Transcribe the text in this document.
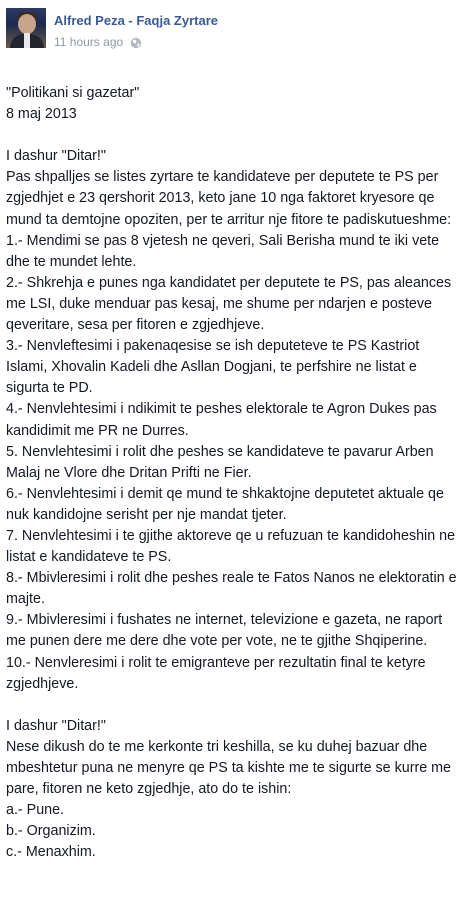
Alfred Peza - Faqja Zyrtare
11 hours ago
"Politikani si gazetar"
8 maj 2013
I dashur "Ditar!"
Pas shpalljes se listes zyrtare te kandidateve per deputete te PS per zgjedhjet e 23 qershorit 2013, keto jane 10 nga faktoret kryesore qe mund ta demtojne opoziten, per te arritur nje fitore te padiskutueshme:
1.- Mendimi se pas 8 vjetesh ne qeveri, Sali Berisha mund te iki vete dhe te mundet lehte.
2.- Shkrehja e punes nga kandidatet per deputete te PS, pas aleances me LSI, duke menduar pas kesaj, me shume per ndarjen e posteve qeveritare, sesa per fitoren e zgjedhjeve.
3.- Nenvleftesimi i pakenaqesise se ish deputeteve te PS Kastriot Islami, Xhovalin Kadeli dhe Asllan Dogjani, te perfshire ne listat e sigurta te PD.
4.- Nenvlehtesimi i ndikimit te peshes elektorale te Agron Dukes pas kandidimit me PR ne Durres.
5. Nenvlehtesimi i rolit dhe peshes se kandidateve te pavarur Arben Malaj ne Vlore dhe Dritan Prifti ne Fier.
6.- Nenvlehtesimi i demit qe mund te shkaktojne deputetet aktuale qe nuk kandidojne serisht per nje mandat tjeter.
7. Nenvlehtesimi i te gjithe aktoreve qe u refuzuan te kandidoheshin ne listat e kandidateve te PS.
8.- Mbivleresimi i rolit dhe peshes reale te Fatos Nanos ne elektoratin e majte.
9.- Mbivleresimi i fushates ne internet, televizione e gazeta, ne raport me punen dere me dere dhe vote per vote, ne te gjithe Shqiperine.
10.- Nenvleresimi i rolit te emigranteve per rezultatin final te ketyre zgjedhjeve.
I dashur "Ditar!"
Nese dikush do te me kerkonte tri keshilla, se ku duhej bazuar dhe mbeshtetur puna ne menyre qe PS ta kishte me te sigurte se kurre me pare, fitoren ne keto zgjedhje, ato do te ishin:
a.- Pune.
b.- Organizim.
c.- Menaxhim.
